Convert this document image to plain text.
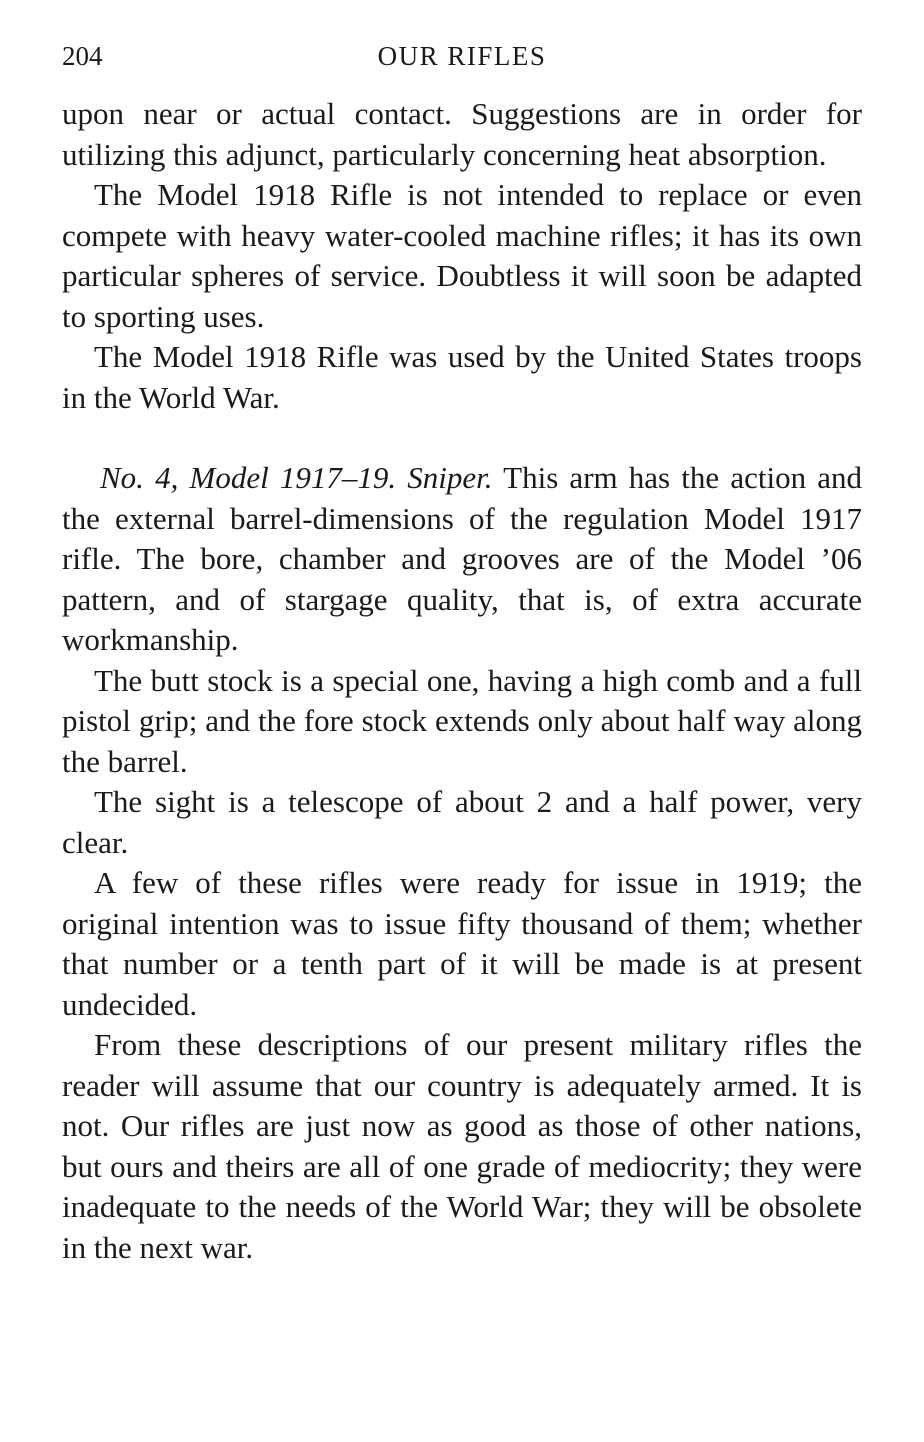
204	OUR RIFLES

upon near or actual contact. Suggestions are in order for utilizing this adjunct, particularly concerning heat absorption.

The Model 1918 Rifle is not intended to replace or even compete with heavy water-cooled machine rifles; it has its own particular spheres of service. Doubtless it will soon be adapted to sporting uses.

The Model 1918 Rifle was used by the United States troops in the World War.

No. 4, Model 1917–19. Sniper. This arm has the action and the external barrel-dimensions of the regulation Model 1917 rifle. The bore, chamber and grooves are of the Model ’06 pattern, and of stargage quality, that is, of extra accurate workmanship.

The butt stock is a special one, having a high comb and a full pistol grip; and the fore stock extends only about half way along the barrel.

The sight is a telescope of about 2 and a half power, very clear.

A few of these rifles were ready for issue in 1919; the original intention was to issue fifty thousand of them; whether that number or a tenth part of it will be made is at present undecided.

From these descriptions of our present military rifles the reader will assume that our country is adequately armed. It is not. Our rifles are just now as good as those of other nations, but ours and theirs are all of one grade of mediocrity; they were inadequate to the needs of the World War; they will be obsolete in the next war.
